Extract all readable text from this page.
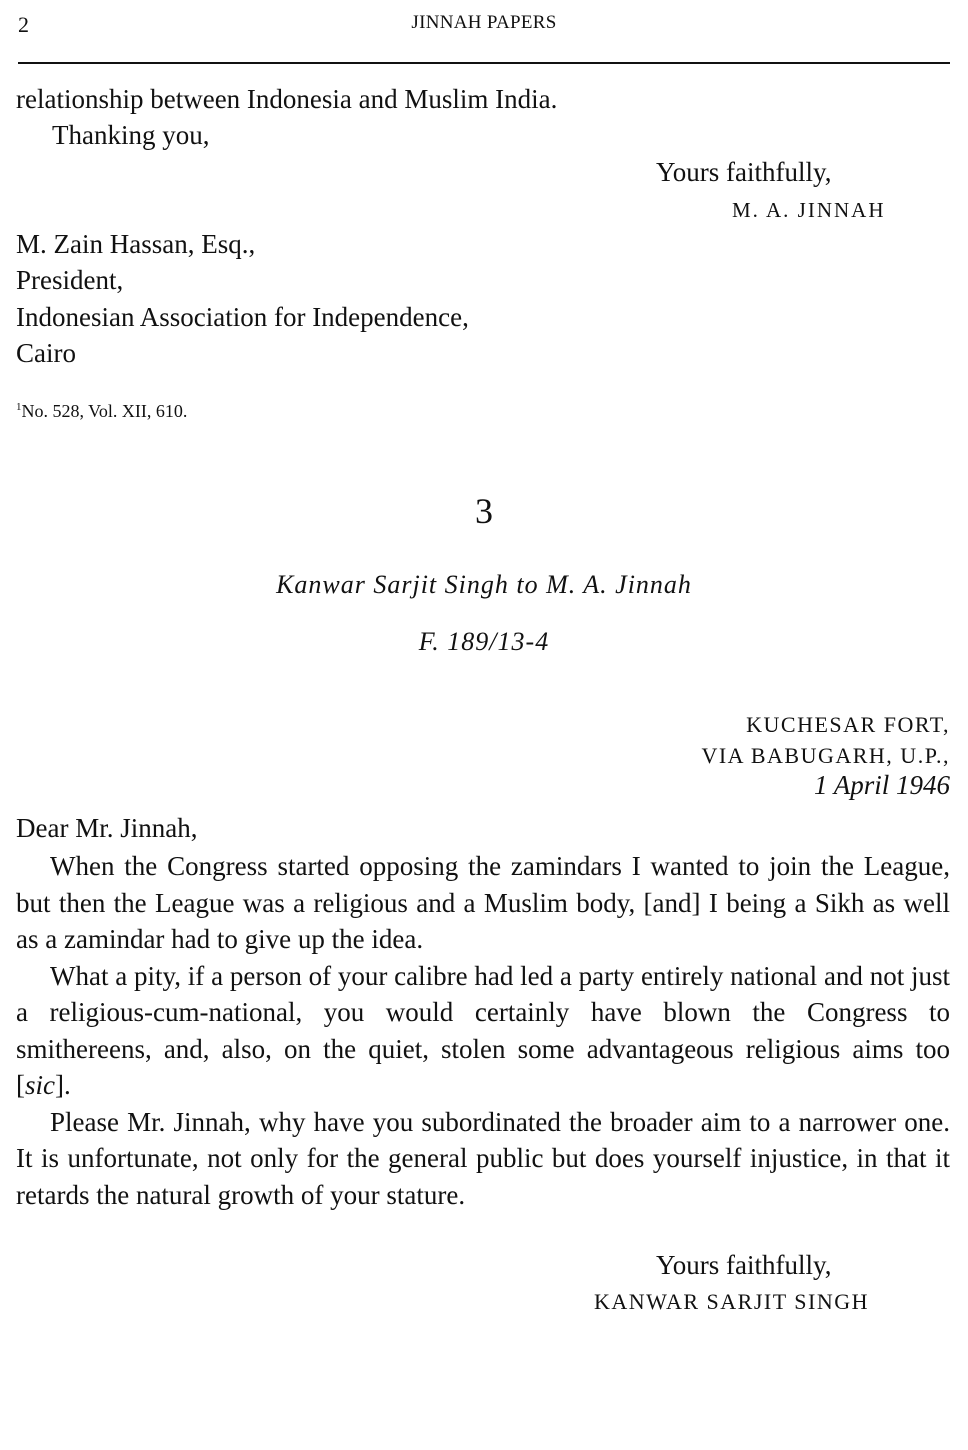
2	JINNAH PAPERS
relationship between Indonesia and Muslim India.
Thanking you,
Yours faithfully,
M. A. JINNAH
M. Zain Hassan, Esq.,
President,
Indonesian Association for Independence,
Cairo
$^1$No. 528, Vol. XII, 610.
3
Kanwar Sarjit Singh to M. A. Jinnah
F. 189/13-4
KUCHESAR FORT,
VIA BABUGARH, U.P.,
1 April 1946
Dear Mr. Jinnah,

When the Congress started opposing the zamindars I wanted to join the League, but then the League was a religious and a Muslim body, [and] I being a Sikh as well as a zamindar had to give up the idea.

What a pity, if a person of your calibre had led a party entirely national and not just a religious-cum-national, you would certainly have blown the Congress to smithereens, and, also, on the quiet, stolen some advantageous religious aims too [sic].

Please Mr. Jinnah, why have you subordinated the broader aim to a narrower one. It is unfortunate, not only for the general public but does yourself injustice, in that it retards the natural growth of your stature.

Yours faithfully,
KANWAR SARJIT SINGH
